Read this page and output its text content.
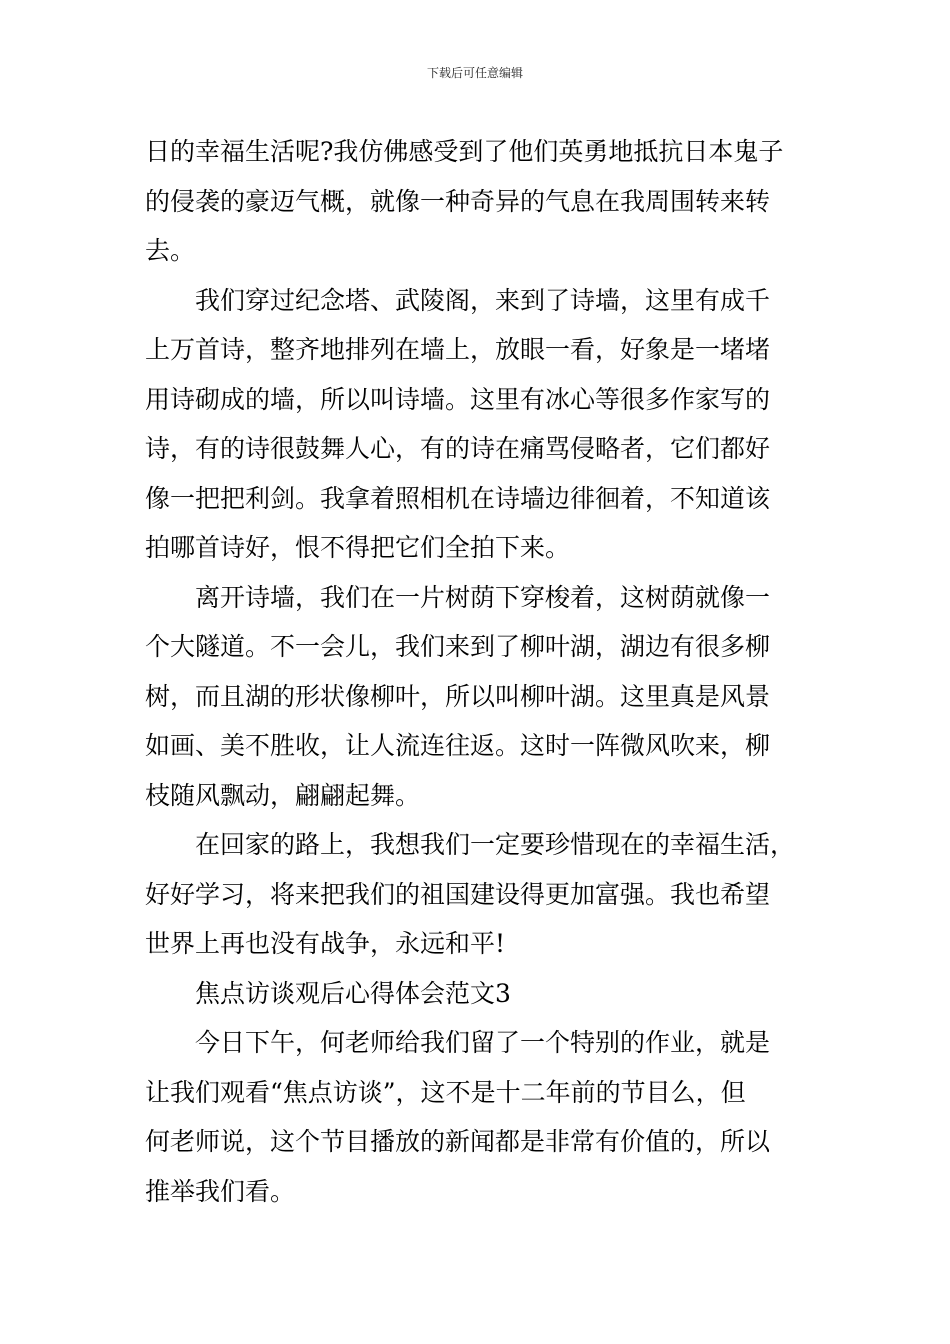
下载后可任意编辑

日的幸福生活呢?我仿佛感受到了他们英勇地抵抗日本鬼子
的侵袭的豪迈气概，就像一种奇异的气息在我周围转来转
去。

我们穿过纪念塔、武陵阁，来到了诗墙，这里有成千
上万首诗，整齐地排列在墙上，放眼一看，好象是一堵堵
用诗砌成的墙，所以叫诗墙。这里有冰心等很多作家写的
诗，有的诗很鼓舞人心，有的诗在痛骂侵略者，它们都好
像一把把利剑。我拿着照相机在诗墙边徘徊着，不知道该
拍哪首诗好，恨不得把它们全拍下来。

离开诗墙，我们在一片树荫下穿梭着，这树荫就像一
个大隧道。不一会儿，我们来到了柳叶湖，湖边有很多柳
树，而且湖的形状像柳叶，所以叫柳叶湖。这里真是风景
如画、美不胜收，让人流连往返。这时一阵微风吹来，柳
枝随风飘动，翩翩起舞。

在回家的路上，我想我们一定要珍惜现在的幸福生活，
好好学习，将来把我们的祖国建设得更加富强。我也希望
世界上再也没有战争，永远和平!

焦点访谈观后心得体会范文3

今日下午，何老师给我们留了一个特别的作业，就是
让我们观看“焦点访谈”，这不是十二年前的节目么，但
何老师说，这个节目播放的新闻都是非常有价值的，所以
推举我们看。
